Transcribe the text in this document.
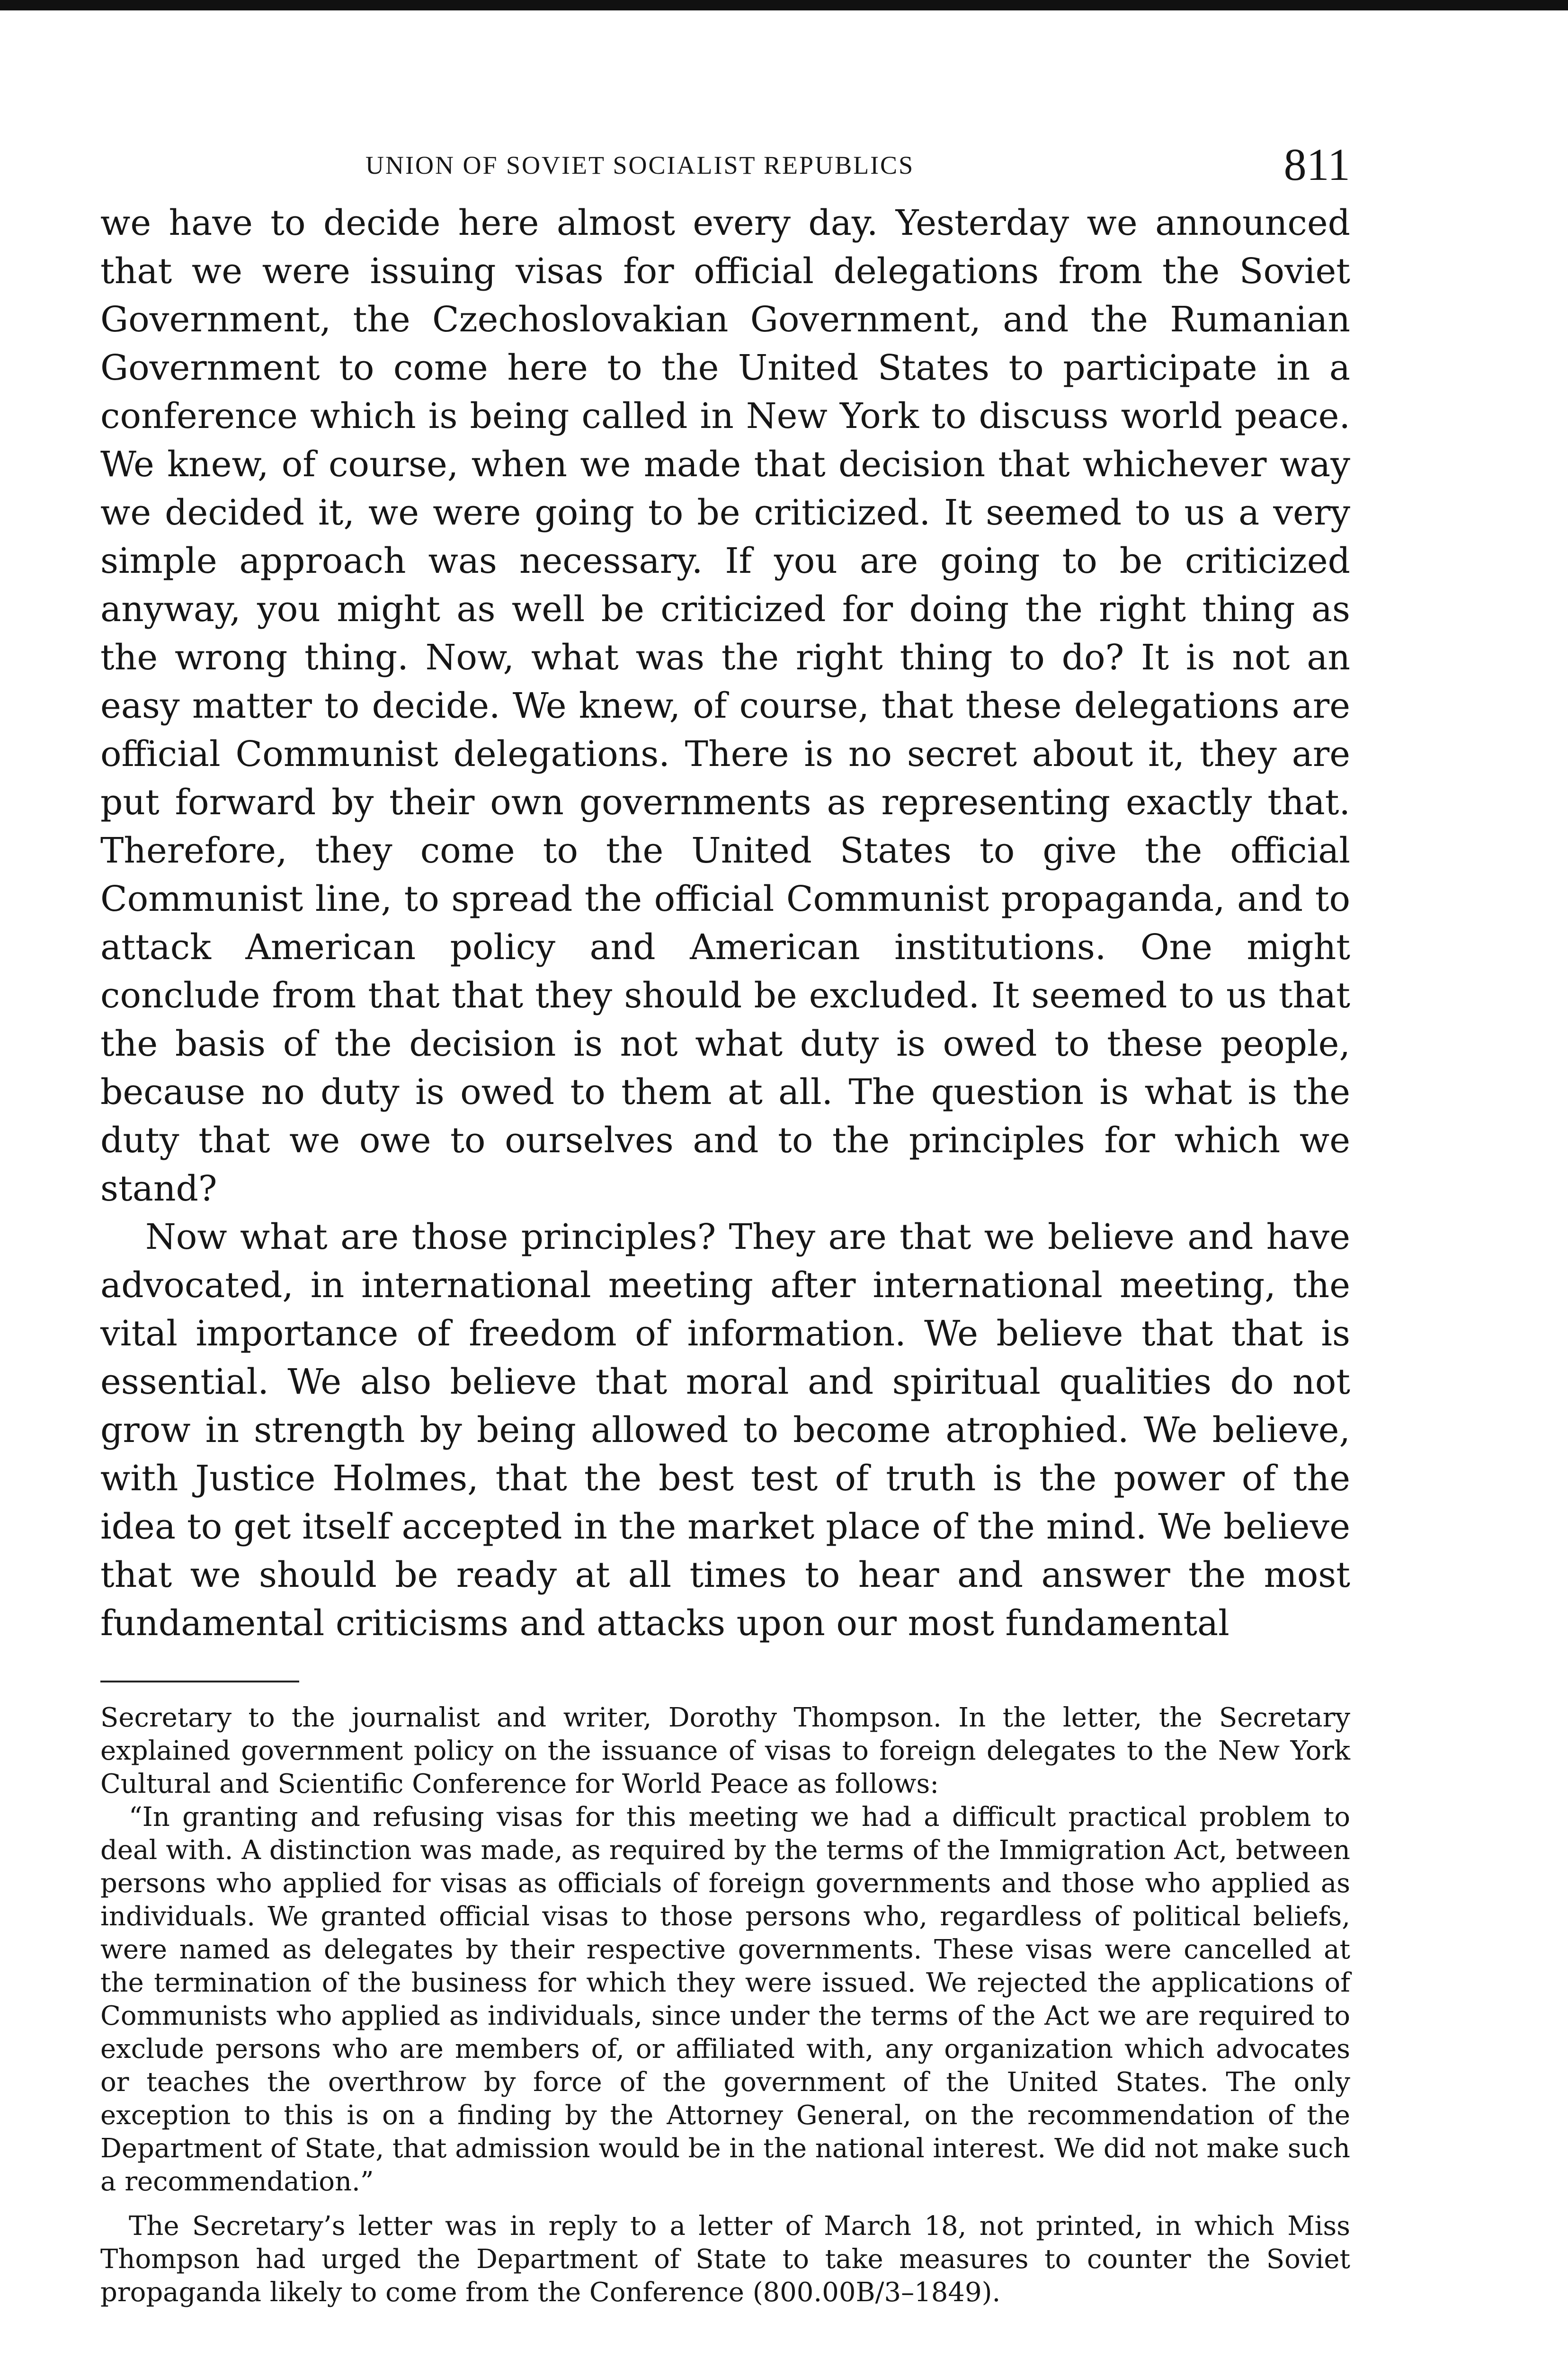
UNION OF SOVIET SOCIALIST REPUBLICS	811

we have to decide here almost every day. Yesterday we announced that we were issuing visas for official delegations from the Soviet Government, the Czechoslovakian Government, and the Rumanian Government to come here to the United States to participate in a conference which is being called in New York to discuss world peace. We knew, of course, when we made that decision that whichever way we decided it, we were going to be criticized. It seemed to us a very simple approach was necessary. If you are going to be criticized anyway, you might as well be criticized for doing the right thing as the wrong thing. Now, what was the right thing to do? It is not an easy matter to decide. We knew, of course, that these delegations are official Communist delegations. There is no secret about it, they are put forward by their own governments as representing exactly that. Therefore, they come to the United States to give the official Communist line, to spread the official Communist propaganda, and to attack American policy and American institutions. One might conclude from that that they should be excluded. It seemed to us that the basis of the decision is not what duty is owed to these people, because no duty is owed to them at all. The question is what is the duty that we owe to ourselves and to the principles for which we stand?

Now what are those principles? They are that we believe and have advocated, in international meeting after international meeting, the vital importance of freedom of information. We believe that that is essential. We also believe that moral and spiritual qualities do not grow in strength by being allowed to become atrophied. We believe, with Justice Holmes, that the best test of truth is the power of the idea to get itself accepted in the market place of the mind. We believe that we should be ready at all times to hear and answer the most fundamental criticisms and attacks upon our most fundamental

Secretary to the journalist and writer, Dorothy Thompson. In the letter, the Secretary explained government policy on the issuance of visas to foreign delegates to the New York Cultural and Scientific Conference for World Peace as follows:

“In granting and refusing visas for this meeting we had a difficult practical problem to deal with. A distinction was made, as required by the terms of the Immigration Act, between persons who applied for visas as officials of foreign governments and those who applied as individuals. We granted official visas to those persons who, regardless of political beliefs, were named as delegates by their respective governments. These visas were cancelled at the termination of the business for which they were issued. We rejected the applications of Communists who applied as individuals, since under the terms of the Act we are required to exclude persons who are members of, or affiliated with, any organization which advocates or teaches the overthrow by force of the government of the United States. The only exception to this is on a finding by the Attorney General, on the recommendation of the Department of State, that admission would be in the national interest. We did not make such a recommendation.”

The Secretary’s letter was in reply to a letter of March 18, not printed, in which Miss Thompson had urged the Department of State to take measures to counter the Soviet propaganda likely to come from the Conference (800.00B/3–1849).
